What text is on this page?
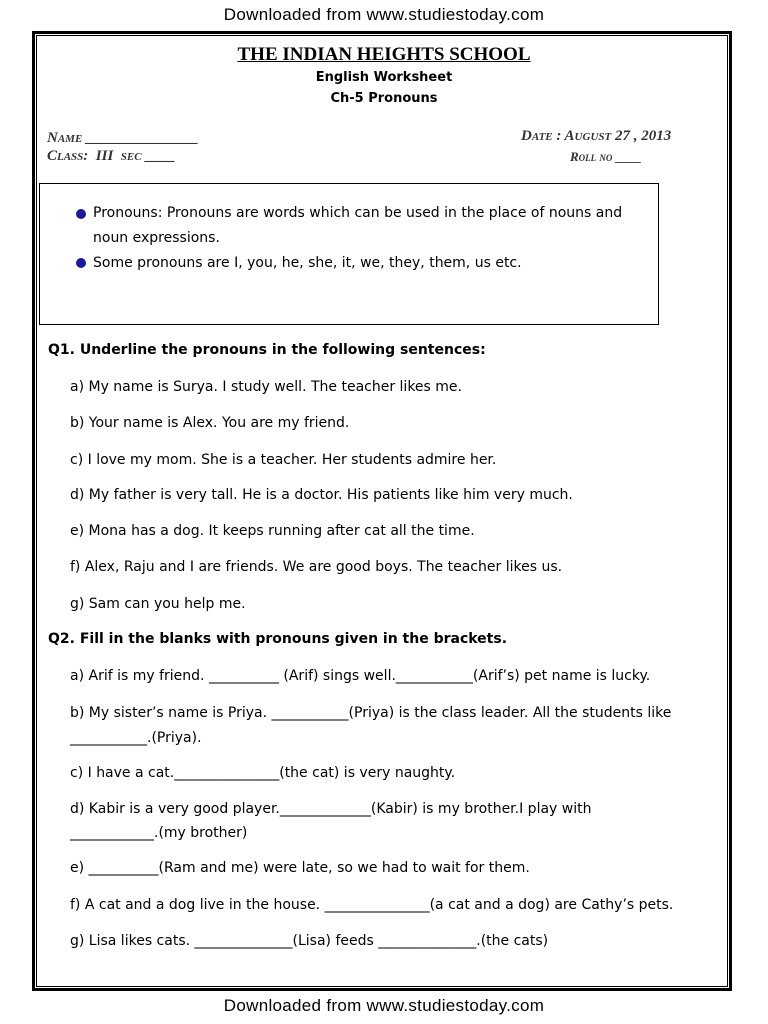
Downloaded from www.studiestoday.com
THE INDIAN HEIGHTS SCHOOL
English Worksheet
Ch-5 Pronouns
Name _______________	Date : August 27 , 2013
Class:  III  sec ____	Roll no ____
Pronouns: Pronouns are words which can be used in the place of nouns and
noun expressions.
Some pronouns are I, you, he, she, it, we, they, them, us etc.
Q1. Underline the pronouns in the following sentences:
a) My name is Surya. I study well. The teacher likes me.
b) Your name is Alex. You are my friend.
c) I love my mom. She is a teacher. Her students admire her.
d) My father is very tall. He is a doctor. His patients like him very much.
e) Mona has a dog. It keeps running after cat all the time.
f) Alex, Raju and I are friends. We are good boys. The teacher likes us.
g) Sam can you help me.
Q2. Fill in the blanks with pronouns given in the brackets.
a) Arif is my friend. __________ (Arif) sings well.___________(Arif’s) pet name is lucky.
b) My sister’s name is Priya. ___________(Priya) is the class leader. All the students like
___________.(Priya).
c) I have a cat._______________(the cat) is very naughty.
d) Kabir is a very good player._____________(Kabir) is my brother.I play with
____________.(my brother)
e) __________(Ram and me) were late, so we had to wait for them.
f) A cat and a dog live in the house. _______________(a cat and a dog) are Cathy’s pets.
g) Lisa likes cats. ______________(Lisa) feeds ______________.(the cats)
Downloaded from www.studiestoday.com
